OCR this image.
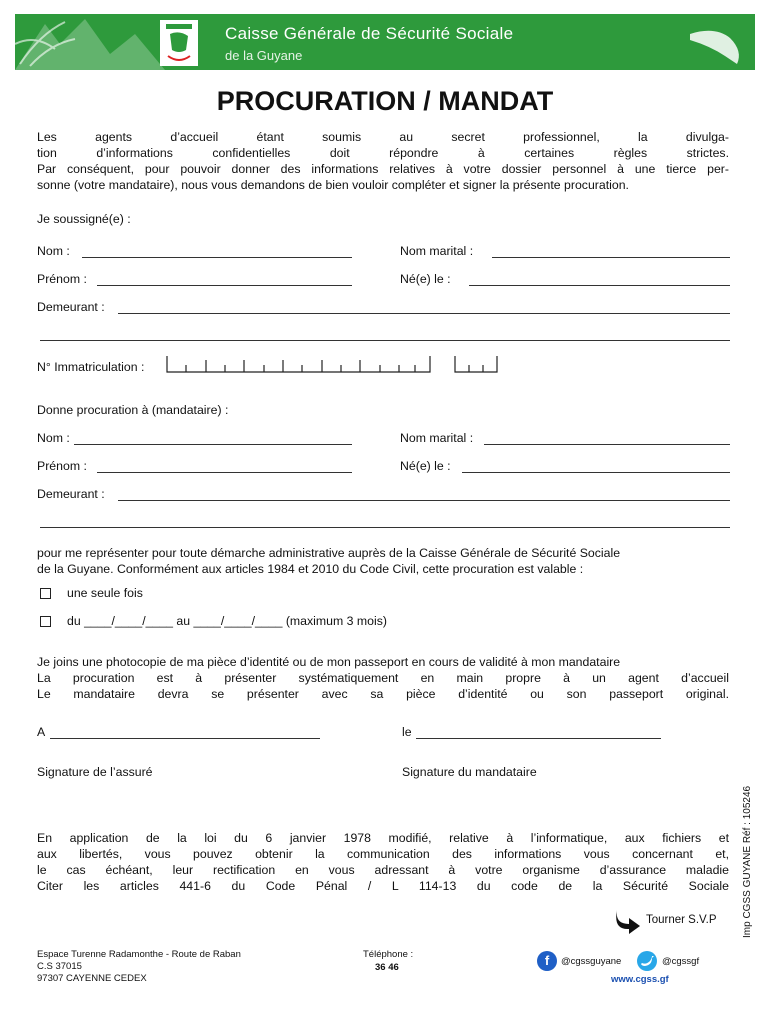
Caisse Générale de Sécurité Sociale
de la Guyane
PROCURATION / MANDAT
Les agents d’accueil étant soumis au secret professionnel, la divulga-
tion d’informations confidentielles doit répondre à certaines règles strictes.
Par conséquent, pour pouvoir donner des informations relatives à votre dossier personnel à une tierce per-
sonne (votre mandataire), nous vous demandons de bien vouloir compléter et signer la présente procuration.
Je soussigné(e) :
Nom :	Nom marital :
Prénom :	Né(e) le :
Demeurant :
N° Immatriculation :
Donne procuration à (mandataire) :
Nom :	Nom marital :
Prénom :	Né(e) le :
Demeurant :
pour me représenter pour toute démarche administrative auprès de la Caisse Générale de Sécurité Sociale
de la Guyane. Conformément aux articles 1984 et 2010 du Code Civil, cette procuration est valable :
une seule fois
du ____/____/____ au ____/____/____ (maximum 3 mois)
Je joins une photocopie de ma pièce d’identité ou de mon passeport en cours de validité à mon mandataire
La procuration est à présenter systématiquement en main propre à un agent d’accueil
Le mandataire devra se présenter avec sa pièce d’identité ou son passeport original.
A	le
Signature de l’assuré	Signature du mandataire
En application de la loi du 6 janvier 1978 modifié, relative à l’informatique, aux fichiers et
aux libertés, vous pouvez obtenir la communication des informations vous concernant et,
le cas échéant, leur rectification en vous adressant à votre organisme d’assurance maladie
Citer les articles 441-6 du Code Pénal / L 114-13 du code de la Sécurité Sociale
Tourner S.V.P	Imp CGSS GUYANE Réf : 105246
Espace Turenne Radamonthe - Route de Raban
C.S 37015
97307 CAYENNE CEDEX
Téléphone :
36 46	f	@cgssguyane	@cgssgf
www.cgss.gf
